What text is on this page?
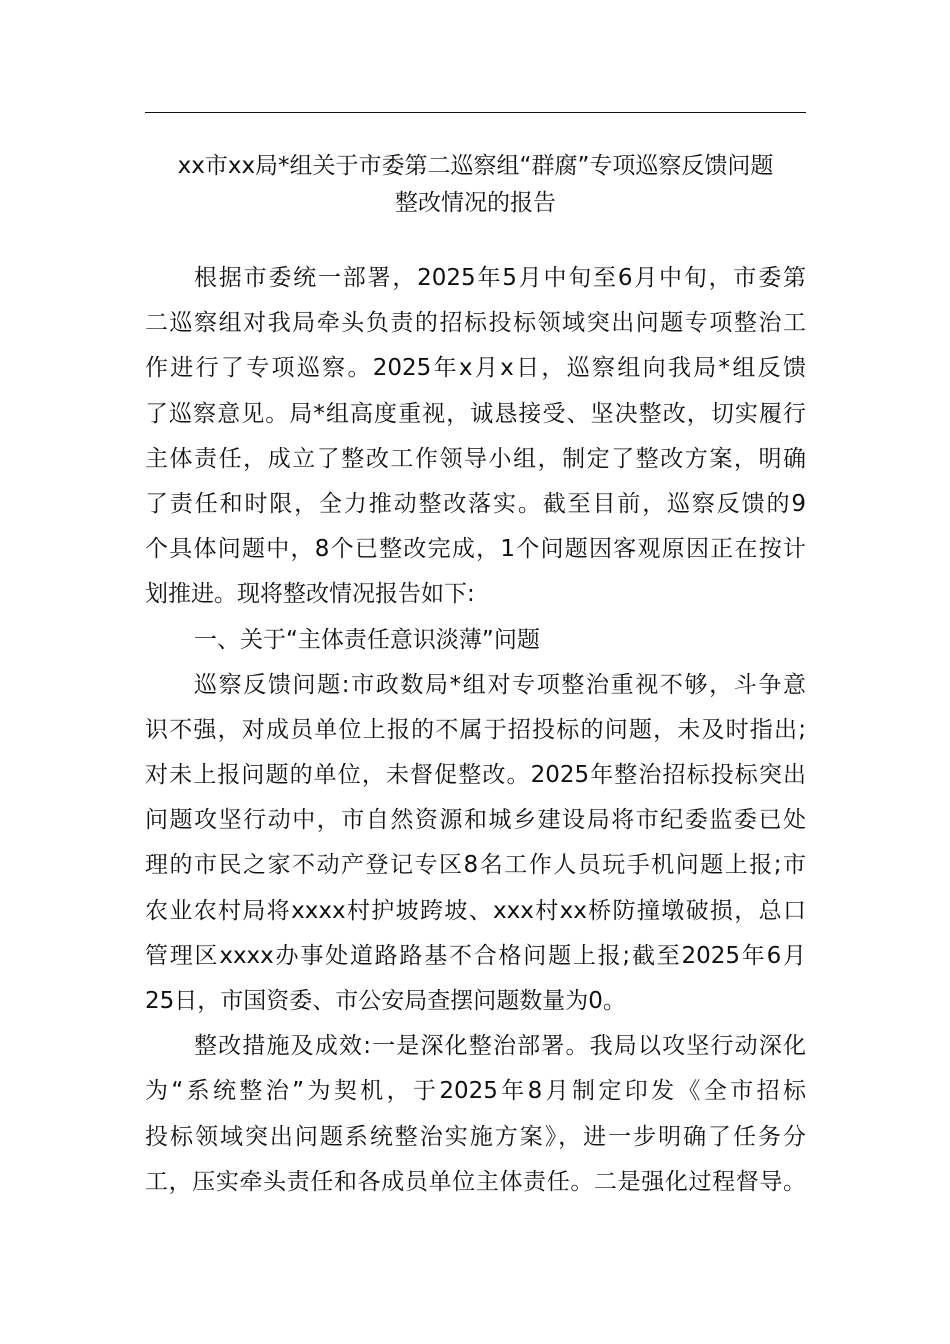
xx市xx局*组关于市委第二巡察组“群腐”专项巡察反馈问题
整改情况的报告
根据市委统一部署，2025年5月中旬至6月中旬，市委第
二巡察组对我局牵头负责的招标投标领域突出问题专项整治工
作进行了专项巡察。2025年x月x日，巡察组向我局*组反馈
了巡察意见。局*组高度重视，诚恳接受、坚决整改，切实履行
主体责任，成立了整改工作领导小组，制定了整改方案，明确
了责任和时限，全力推动整改落实。截至目前，巡察反馈的9
个具体问题中，8个已整改完成，1个问题因客观原因正在按计
划推进。现将整改情况报告如下:
一、关于“主体责任意识淡薄”问题
巡察反馈问题:市政数局*组对专项整治重视不够，斗争意
识不强，对成员单位上报的不属于招投标的问题，未及时指出;
对未上报问题的单位，未督促整改。2025年整治招标投标突出
问题攻坚行动中，市自然资源和城乡建设局将市纪委监委已处
理的市民之家不动产登记专区8名工作人员玩手机问题上报;市
农业农村局将xxxx村护坡跨坡、xxx村xx桥防撞墩破损，总口
管理区xxxx办事处道路路基不合格问题上报;截至2025年6月
25日，市国资委、市公安局查摆问题数量为0。
整改措施及成效:一是深化整治部署。我局以攻坚行动深化
为“系统整治”为契机，于2025年8月制定印发《全市招标
投标领域突出问题系统整治实施方案》，进一步明确了任务分
工，压实牵头责任和各成员单位主体责任。二是强化过程督导。
